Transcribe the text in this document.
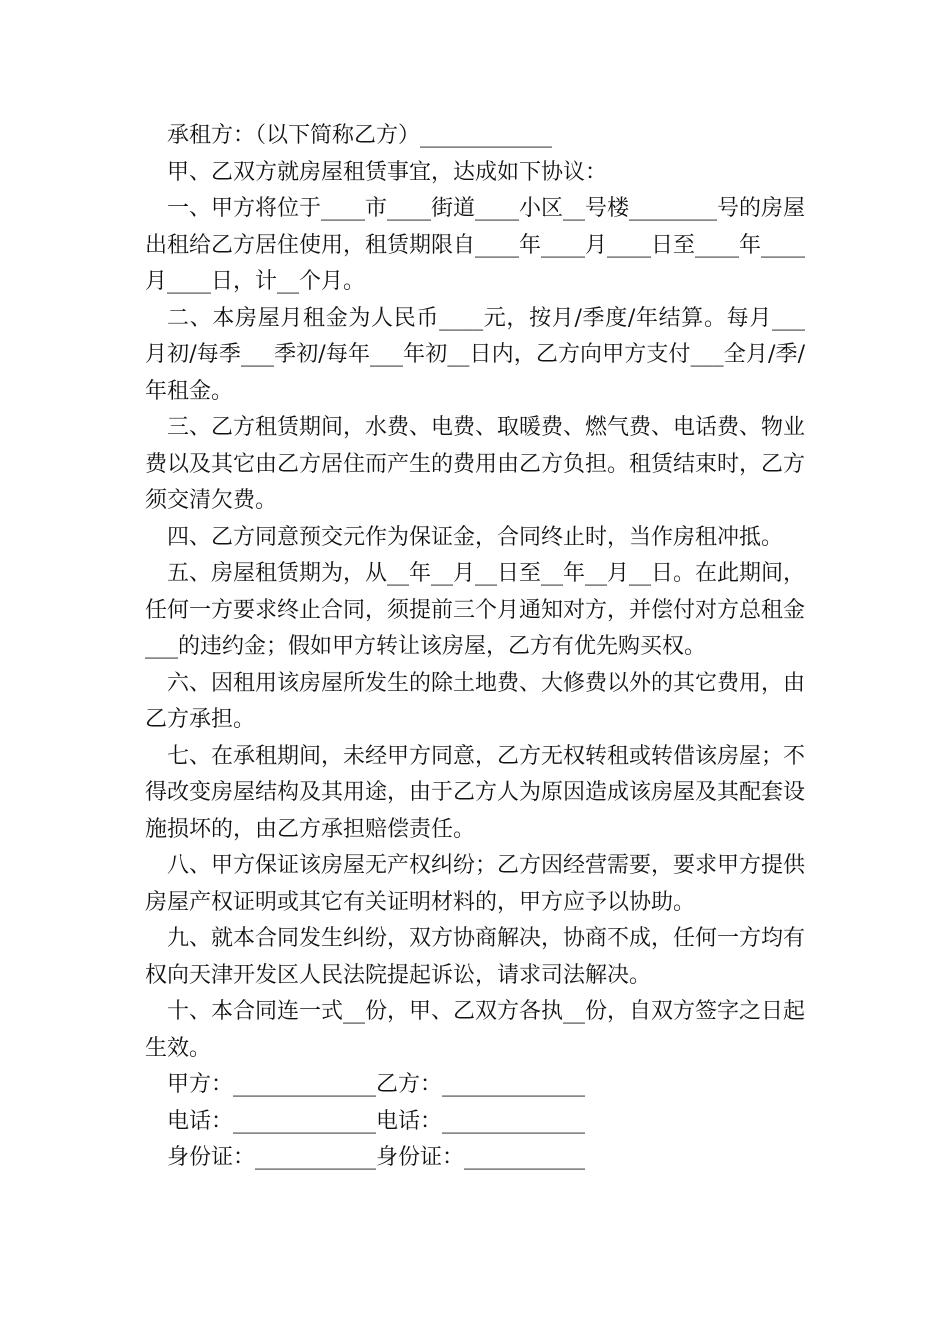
承租方：（以下简称乙方）____________

甲、乙双方就房屋租赁事宜，达成如下协议：

一、甲方将位于____市____街道____小区__号楼________号的房屋出租给乙方居住使用，租赁期限自____年____月____日至____年____月____日，计__个月。

二、本房屋月租金为人民币____元，按月/季度/年结算。每月___月初/每季___季初/每年___年初__日内，乙方向甲方支付___全月/季/年租金。

三、乙方租赁期间，水费、电费、取暖费、燃气费、电话费、物业费以及其它由乙方居住而产生的费用由乙方负担。租赁结束时，乙方须交清欠费。

四、乙方同意预交元作为保证金，合同终止时，当作房租冲抵。

五、房屋租赁期为，从__年__月__日至__年__月__日。在此期间，任何一方要求终止合同，须提前三个月通知对方，并偿付对方总租金___的违约金；假如甲方转让该房屋，乙方有优先购买权。

六、因租用该房屋所发生的除土地费、大修费以外的其它费用，由乙方承担。

七、在承租期间，未经甲方同意，乙方无权转租或转借该房屋；不得改变房屋结构及其用途，由于乙方人为原因造成该房屋及其配套设施损坏的，由乙方承担赔偿责任。

八、甲方保证该房屋无产权纠纷；乙方因经营需要，要求甲方提供房屋产权证明或其它有关证明材料的，甲方应予以协助。

九、就本合同发生纠纷，双方协商解决，协商不成，任何一方均有权向天津开发区人民法院提起诉讼，请求司法解决。

十、本合同连一式__份，甲、乙双方各执__份，自双方签字之日起生效。

甲方：_____________乙方：_____________

电话：_____________电话：_____________

身份证：___________身份证：___________
